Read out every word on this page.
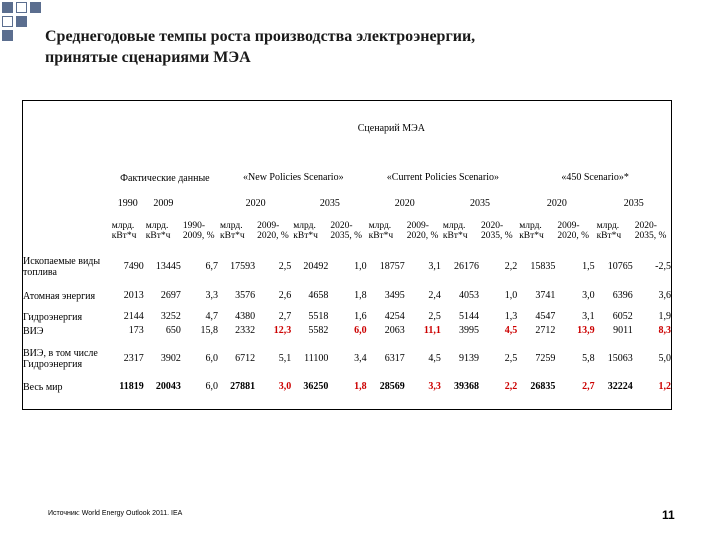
Среднегодовые темпы роста производства электроэнергии,
принятые сценариями МЭА
	Сценарий МЭА														
	Фактические данные			«New Policies Scenario»				«Current Policies Scenario»				«450 Scenario»*			
	1990	2009		2020		2035		2020		2035		2020		2035	
	млрд. кВт*ч	млрд. кВт*ч	1990-2009, %	млрд. кВт*ч	2009-2020, %	млрд. кВт*ч	2020-2035, %	млрд. кВт*ч	2009-2020, %	млрд. кВт*ч	2020-2035, %	млрд. кВт*ч	2009-2020, %	млрд. кВт*ч	2020-2035, %
Ископаемые виды топлива	7490	13445	6,7	17593	2,5	20492	1,0	18757	3,1	26176	2,2	15835	1,5	10765	-2,5
Атомная энергия	2013	2697	3,3	3576	2,6	4658	1,8	3495	2,4	4053	1,0	3741	3,0	6396	3,6
Гидроэнергия	2144	3252	4,7	4380	2,7	5518	1,6	4254	2,5	5144	1,3	4547	3,1	6052	1,9
ВИЭ	173	650	15,8	2332	12,3	5582	6,0	2063	11,1	3995	4,5	2712	13,9	9011	8,3
ВИЭ, в том числе Гидроэнергия	2317	3902	6,0	6712	5,1	11100	3,4	6317	4,5	9139	2,5	7259	5,8	15063	5,0
Весь мир	11819	20043	6,0	27881	3,0	36250	1,8	28569	3,3	39368	2,2	26835	2,7	32224	1,2
Источник: World Energy Outlook 2011. IEA	11
